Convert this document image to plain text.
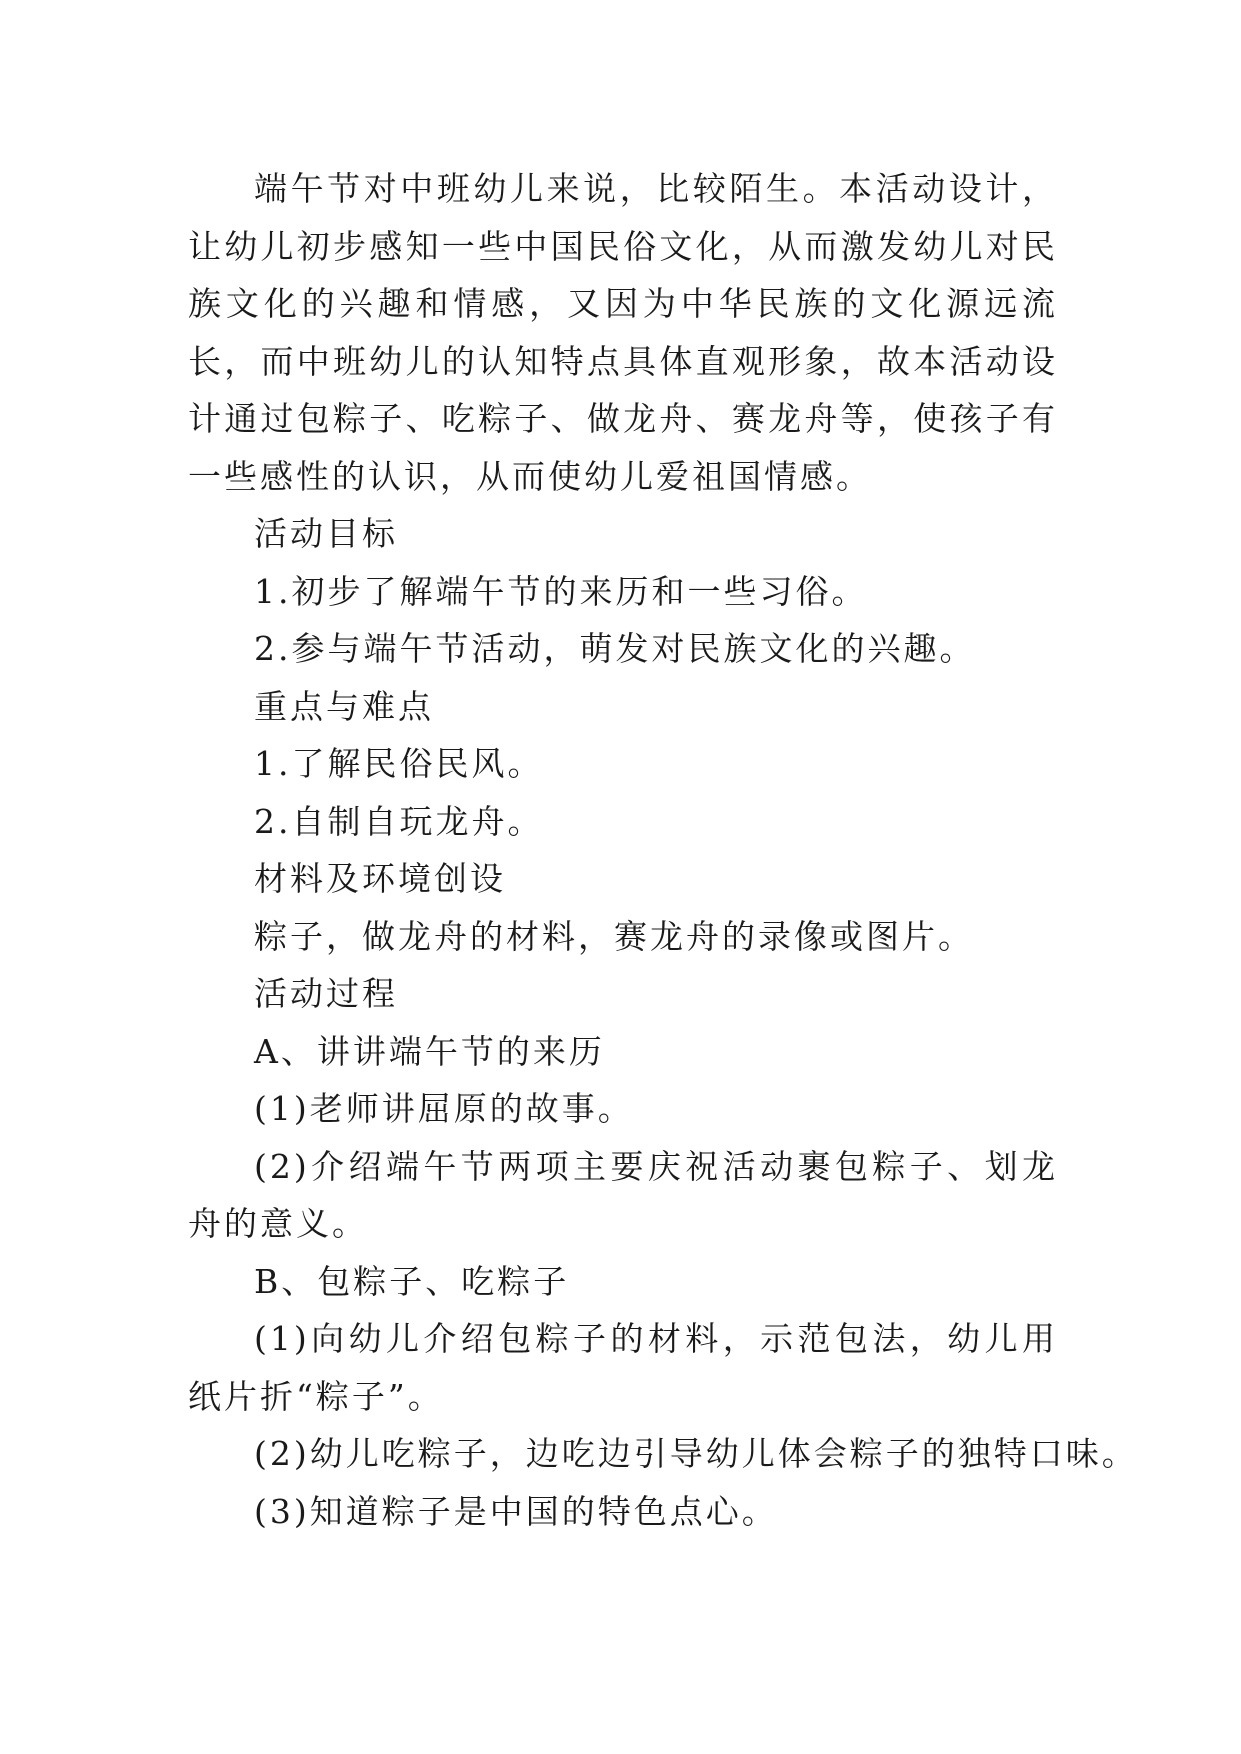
端午节对中班幼儿来说，比较陌生。本活动设计，让幼儿初步感知一些中国民俗文化，从而激发幼儿对民族文化的兴趣和情感，又因为中华民族的文化源远流长，而中班幼儿的认知特点具体直观形象，故本活动设计通过包粽子、吃粽子、做龙舟、赛龙舟等，使孩子有一些感性的认识，从而使幼儿爱祖国情感。

活动目标

1.初步了解端午节的来历和一些习俗。

2.参与端午节活动，萌发对民族文化的兴趣。

重点与难点

1.了解民俗民风。

2.自制自玩龙舟。

材料及环境创设

粽子，做龙舟的材料，赛龙舟的录像或图片。

活动过程

A、讲讲端午节的来历

(1)老师讲屈原的故事。

(2)介绍端午节两项主要庆祝活动裹包粽子、划龙舟的意义。

B、包粽子、吃粽子

(1)向幼儿介绍包粽子的材料，示范包法，幼儿用纸片折“粽子”。

(2)幼儿吃粽子，边吃边引导幼儿体会粽子的独特口味。

(3)知道粽子是中国的特色点心。
